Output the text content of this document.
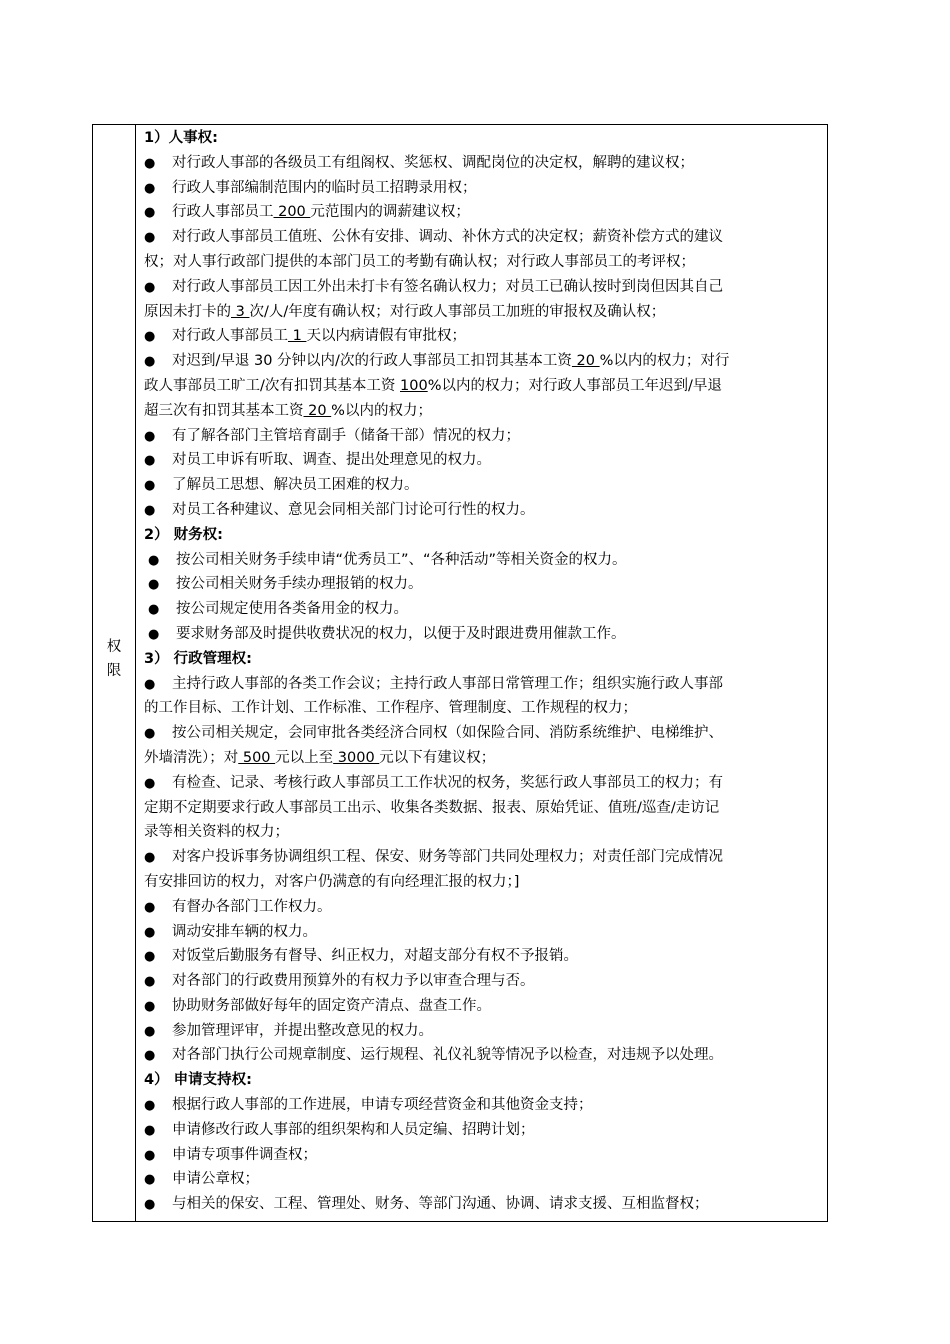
权
限
1）人事权:
● 对行政人事部的各级员工有组阁权、奖惩权、调配岗位的决定权，解聘的建议权；
● 行政人事部编制范围内的临时员工招聘录用权；
● 行政人事部员工 200 元范围内的调薪建议权；
● 对行政人事部员工值班、公休有安排、调动、补休方式的决定权；薪资补偿方式的建议
权；对人事行政部门提供的本部门员工的考勤有确认权；对行政人事部员工的考评权；
● 对行政人事部员工因工外出未打卡有签名确认权力；对员工已确认按时到岗但因其自己
原因未打卡的 3 次/人/年度有确认权；对行政人事部员工加班的审报权及确认权；
● 对行政人事部员工 1 天以内病请假有审批权；
● 对迟到/早退 30 分钟以内/次的行政人事部员工扣罚其基本工资 20 %以内的权力；对行
政人事部员工旷工/次有扣罚其基本工资 100%以内的权力；对行政人事部员工年迟到/早退
超三次有扣罚其基本工资 20 %以内的权力；
● 有了解各部门主管培育副手（储备干部）情况的权力；
● 对员工申诉有听取、调查、提出处理意见的权力。
● 了解员工思想、解决员工困难的权力。
● 对员工各种建议、意见会同相关部门讨论可行性的权力。
2） 财务权:
● 按公司相关财务手续申请“优秀员工”、“各种活动”等相关资金的权力。
● 按公司相关财务手续办理报销的权力。
● 按公司规定使用各类备用金的权力。
● 要求财务部及时提供收费状况的权力，以便于及时跟进费用催款工作。
3） 行政管理权:
● 主持行政人事部的各类工作会议；主持行政人事部日常管理工作；组织实施行政人事部
的工作目标、工作计划、工作标准、工作程序、管理制度、工作规程的权力；
● 按公司相关规定，会同审批各类经济合同权（如保险合同、消防系统维护、电梯维护、
外墙清洗）；对 500 元以上至 3000 元以下有建议权；
● 有检查、记录、考核行政人事部员工工作状况的权务，奖惩行政人事部员工的权力；有
定期不定期要求行政人事部员工出示、收集各类数据、报表、原始凭证、值班/巡查/走访记
录等相关资料的权力；
● 对客户投诉事务协调组织工程、保安、财务等部门共同处理权力；对责任部门完成情况
有安排回访的权力，对客户仍满意的有向经理汇报的权力；]
● 有督办各部门工作权力。
● 调动安排车辆的权力。
● 对饭堂后勤服务有督导、纠正权力，对超支部分有权不予报销。
● 对各部门的行政费用预算外的有权力予以审查合理与否。
● 协助财务部做好每年的固定资产清点、盘查工作。
● 参加管理评审，并提出整改意见的权力。
● 对各部门执行公司规章制度、运行规程、礼仪礼貌等情况予以检查，对违规予以处理。
4） 申请支持权:
● 根据行政人事部的工作进展，申请专项经营资金和其他资金支持；
● 申请修改行政人事部的组织架构和人员定编、招聘计划；
● 申请专项事件调查权；
● 申请公章权；
● 与相关的保安、工程、管理处、财务、等部门沟通、协调、请求支援、互相监督权；
